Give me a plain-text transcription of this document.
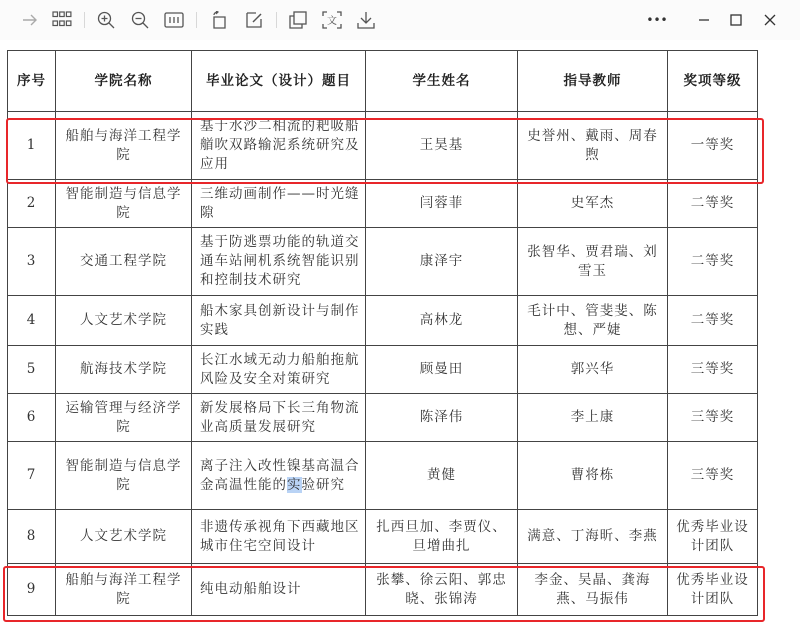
文	•••
序号	学院名称	毕业论文（设计）题目	学生姓名	指导教师	奖项等级
1	船舶与海洋工程学院	基于水沙二相流的耙吸船艏吹双路输泥系统研究及应用	王昊基	史誉州、戴雨、周春煦	一等奖
2	智能制造与信息学院	三维动画制作——时光缝隙	闫蓉菲	史军杰	二等奖
3	交通工程学院	基于防逃票功能的轨道交通车站闸机系统智能识别和控制技术研究	康泽宇	张智华、贾君瑞、刘雪玉	二等奖
4	人文艺术学院	船木家具创新设计与制作实践	高林龙	毛计中、管斐斐、陈想、严婕	二等奖
5	航海技术学院	长江水域无动力船舶拖航风险及安全对策研究	顾曼田	郭兴华	三等奖
6	运输管理与经济学院	新发展格局下长三角物流业高质量发展研究	陈泽伟	李上康	三等奖
7	智能制造与信息学院	离子注入改性镍基高温合金高温性能的实验研究	黄健	曹将栋	三等奖
8	人文艺术学院	非遗传承视角下西藏地区城市住宅空间设计	扎西旦加、李贾仪、旦增曲扎	满意、丁海昕、李燕	优秀毕业设计团队
9	船舶与海洋工程学院	纯电动船舶设计	张攀、徐云阳、郭忠晓、张锦涛	李金、吴晶、龚海燕、马振伟	优秀毕业设计团队
